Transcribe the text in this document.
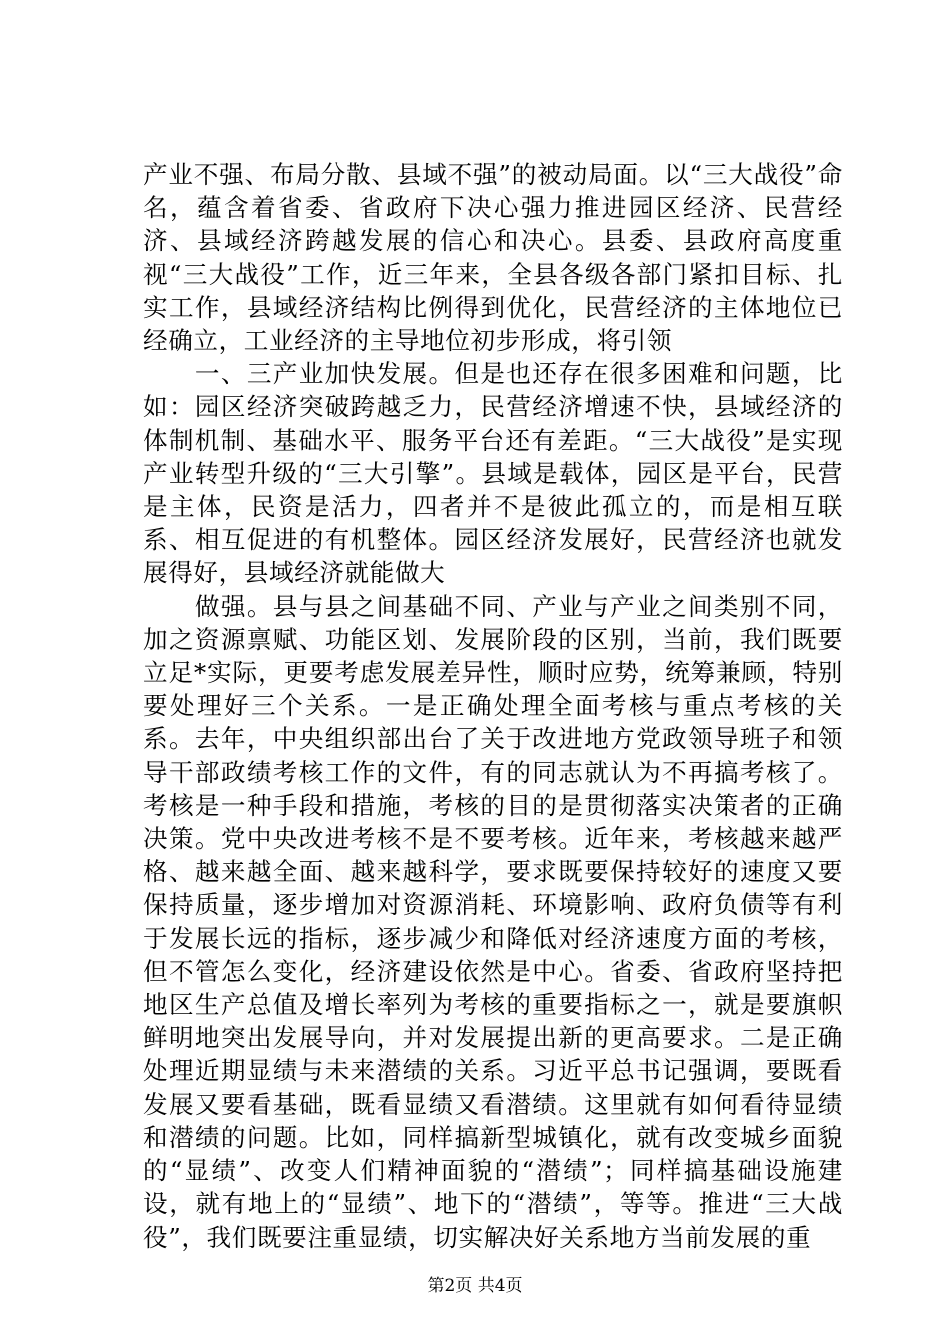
产业不强、布局分散、县域不强”的被动局面。以“三大战役”命名，蕴含着省委、省政府下决心强力推进园区经济、民营经济、县域经济跨越发展的信心和决心。县委、县政府高度重视“三大战役”工作，近三年来，全县各级各部门紧扣目标、扎实工作，县域经济结构比例得到优化，民营经济的主体地位已经确立，工业经济的主导地位初步形成，将引领

　　一、三产业加快发展。但是也还存在很多困难和问题，比如：园区经济突破跨越乏力，民营经济增速不快，县域经济的体制机制、基础水平、服务平台还有差距。“三大战役”是实现产业转型升级的“三大引擎”。县域是载体，园区是平台，民营是主体，民资是活力，四者并不是彼此孤立的，而是相互联系、相互促进的有机整体。园区经济发展好，民营经济也就发展得好，县域经济就能做大

　　做强。县与县之间基础不同、产业与产业之间类别不同，加之资源禀赋、功能区划、发展阶段的区别，当前，我们既要立足*实际，更要考虑发展差异性，顺时应势，统筹兼顾，特别要处理好三个关系。一是正确处理全面考核与重点考核的关系。去年，中央组织部出台了关于改进地方党政领导班子和领导干部政绩考核工作的文件，有的同志就认为不再搞考核了。考核是一种手段和措施，考核的目的是贯彻落实决策者的正确决策。党中央改进考核不是不要考核。近年来，考核越来越严格、越来越全面、越来越科学，要求既要保持较好的速度又要保持质量，逐步增加对资源消耗、环境影响、政府负债等有利于发展长远的指标，逐步减少和降低对经济速度方面的考核，但不管怎么变化，经济建设依然是中心。省委、省政府坚持把地区生产总值及增长率列为考核的重要指标之一，就是要旗帜鲜明地突出发展导向，并对发展提出新的更高要求。二是正确处理近期显绩与未来潜绩的关系。习近平总书记强调，要既看发展又要看基础，既看显绩又看潜绩。这里就有如何看待显绩和潜绩的问题。比如，同样搞新型城镇化，就有改变城乡面貌的“显绩”、改变人们精神面貌的“潜绩”；同样搞基础设施建设，就有地上的“显绩”、地下的“潜绩”，等等。推进“三大战役”，我们既要注重显绩，切实解决好关系地方当前发展的重

第2页 共4页
